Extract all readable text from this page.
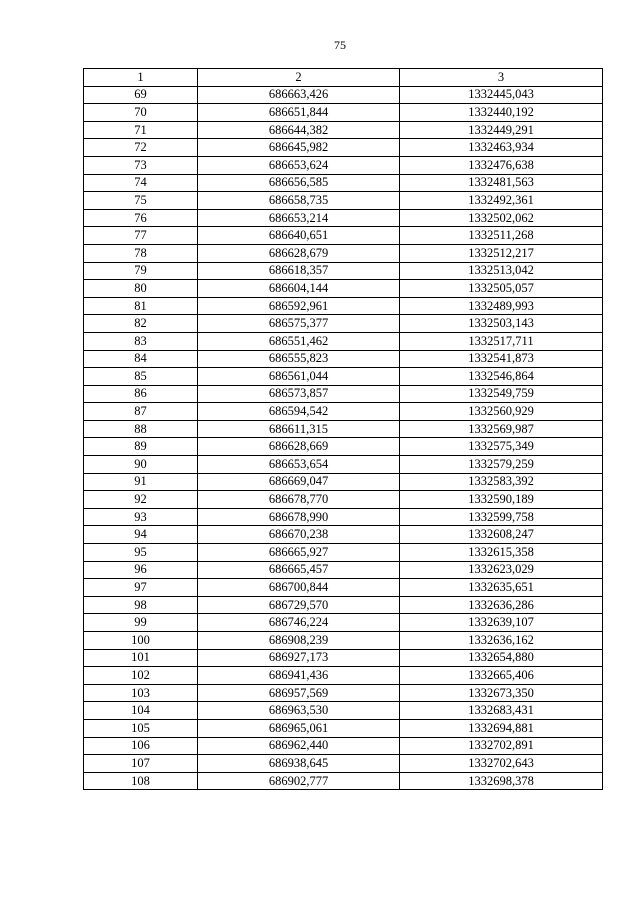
75
1	2	3
69	686663,426	1332445,043
70	686651,844	1332440,192
71	686644,382	1332449,291
72	686645,982	1332463,934
73	686653,624	1332476,638
74	686656,585	1332481,563
75	686658,735	1332492,361
76	686653,214	1332502,062
77	686640,651	1332511,268
78	686628,679	1332512,217
79	686618,357	1332513,042
80	686604,144	1332505,057
81	686592,961	1332489,993
82	686575,377	1332503,143
83	686551,462	1332517,711
84	686555,823	1332541,873
85	686561,044	1332546,864
86	686573,857	1332549,759
87	686594,542	1332560,929
88	686611,315	1332569,987
89	686628,669	1332575,349
90	686653,654	1332579,259
91	686669,047	1332583,392
92	686678,770	1332590,189
93	686678,990	1332599,758
94	686670,238	1332608,247
95	686665,927	1332615,358
96	686665,457	1332623,029
97	686700,844	1332635,651
98	686729,570	1332636,286
99	686746,224	1332639,107
100	686908,239	1332636,162
101	686927,173	1332654,880
102	686941,436	1332665,406
103	686957,569	1332673,350
104	686963,530	1332683,431
105	686965,061	1332694,881
106	686962,440	1332702,891
107	686938,645	1332702,643
108	686902,777	1332698,378
